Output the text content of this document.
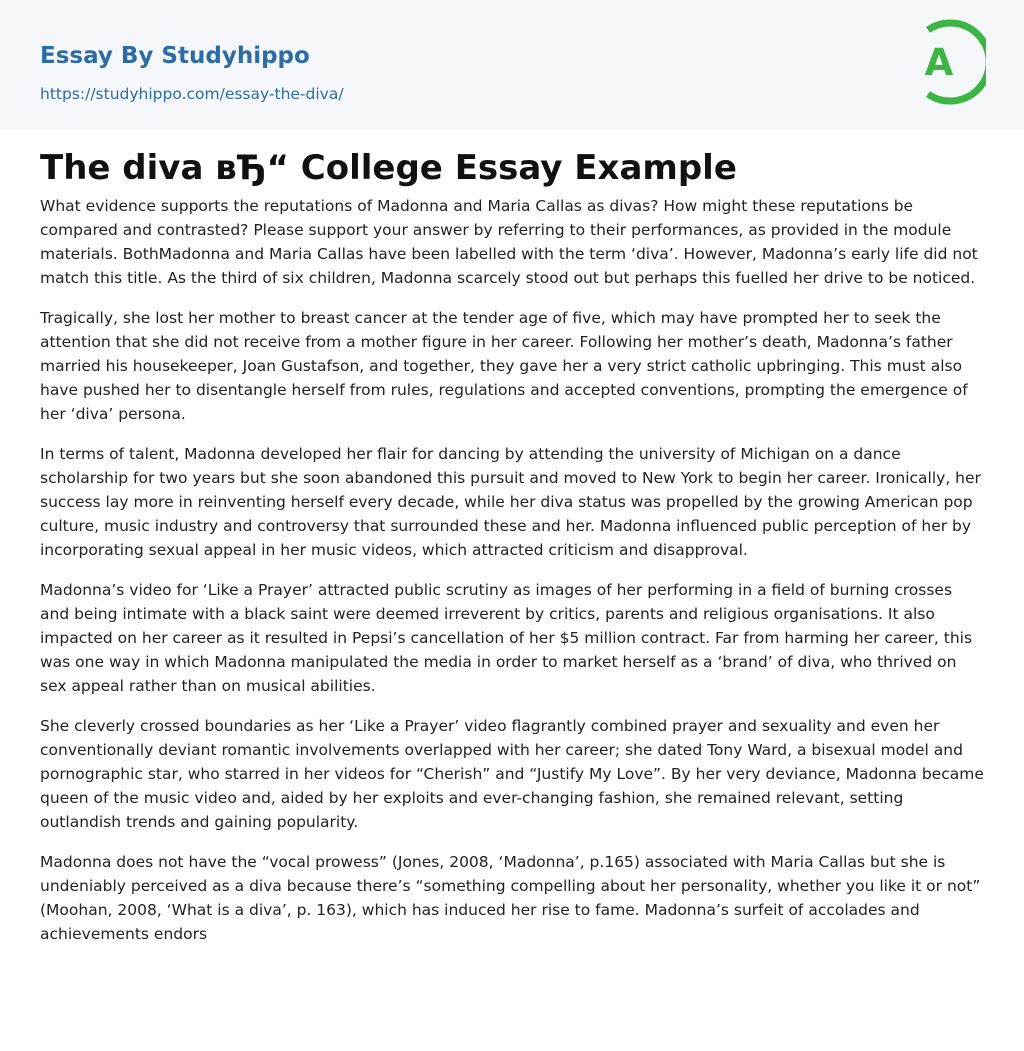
Essay By Studyhippo
https://studyhippo.com/essay-the-diva/
A
The diva вЂ“ College Essay Example

What evidence supports the reputations of Madonna and Maria Callas as divas? How might these reputations be compared and contrasted? Please support your answer by referring to their performances, as provided in the module materials. BothMadonna and Maria Callas have been labelled with the term ‘diva’. However, Madonna’s early life did not match this title. As the third of six children, Madonna scarcely stood out but perhaps this fuelled her drive to be noticed.

Tragically, she lost her mother to breast cancer at the tender age of five, which may have prompted her to seek the attention that she did not receive from a mother figure in her career. Following her mother’s death, Madonna’s father married his housekeeper, Joan Gustafson, and together, they gave her a very strict catholic upbringing. This must also have pushed her to disentangle herself from rules, regulations and accepted conventions, prompting the emergence of her ‘diva’ persona.

In terms of talent, Madonna developed her flair for dancing by attending the university of Michigan on a dance scholarship for two years but she soon abandoned this pursuit and moved to New York to begin her career. Ironically, her success lay more in reinventing herself every decade, while her diva status was propelled by the growing American pop culture, music industry and controversy that surrounded these and her. Madonna influenced public perception of her by incorporating sexual appeal in her music videos, which attracted criticism and disapproval.

Madonna’s video for ‘Like a Prayer’ attracted public scrutiny as images of her performing in a field of burning crosses and being intimate with a black saint were deemed irreverent by critics, parents and religious organisations. It also impacted on her career as it resulted in Pepsi’s cancellation of her $5 million contract. Far from harming her career, this was one way in which Madonna manipulated the media in order to market herself as a ‘brand’ of diva, who thrived on sex appeal rather than on musical abilities.

She cleverly crossed boundaries as her ‘Like a Prayer’ video flagrantly combined prayer and sexuality and even her conventionally deviant romantic involvements overlapped with her career; she dated Tony Ward, a bisexual model and pornographic star, who starred in her videos for “Cherish” and “Justify My Love”. By her very deviance, Madonna became queen of the music video and, aided by her exploits and ever-changing fashion, she remained relevant, setting outlandish trends and gaining popularity.

Madonna does not have the “vocal prowess” (Jones, 2008, ‘Madonna’, p.165) associated with Maria Callas but she is undeniably perceived as a diva because there’s “something compelling about her personality, whether you like it or not” (Moohan, 2008, ‘What is a diva’, p. 163), which has induced her rise to fame. Madonna’s surfeit of accolades and achievements endors
